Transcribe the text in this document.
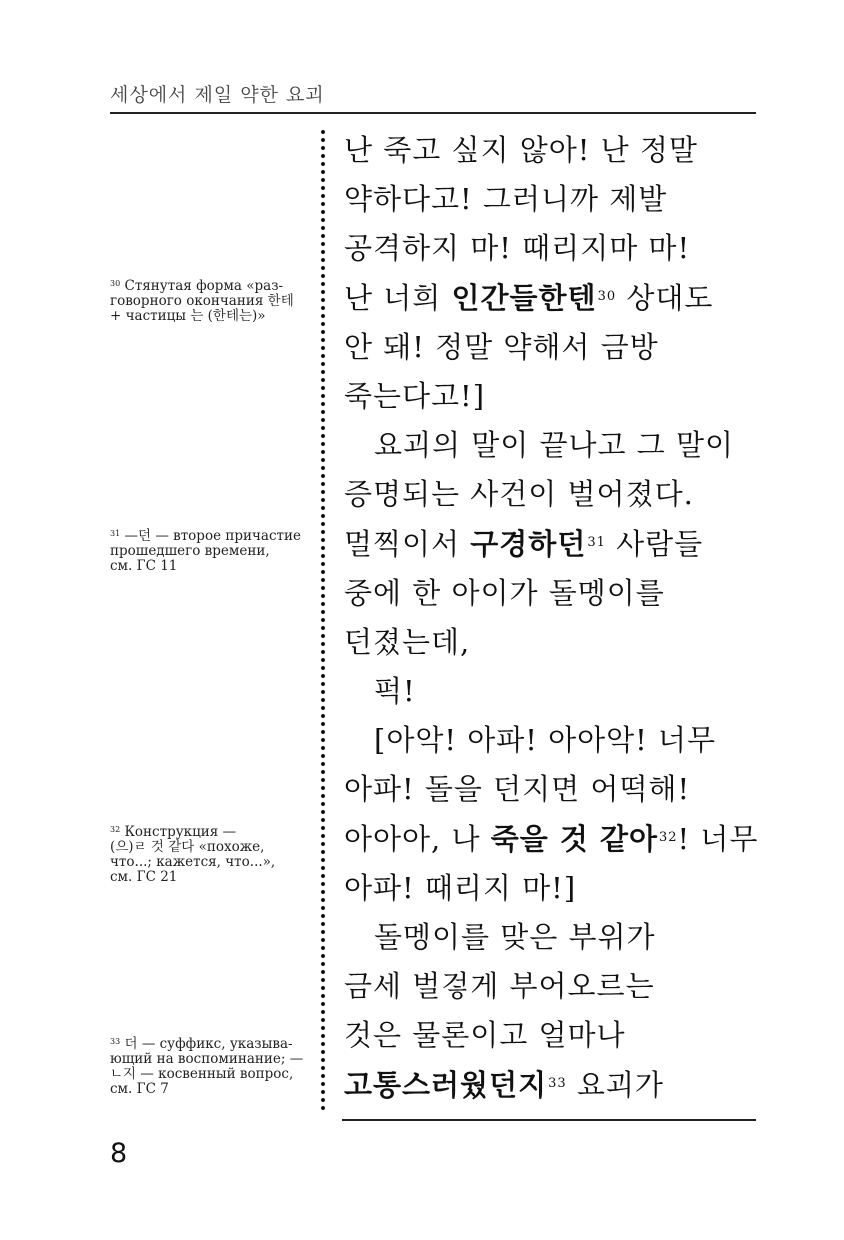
세상에서 제일 약한 요괴
난 죽고 싶지 않아! 난 정말
약하다고! 그러니까 제발
공격하지 마! 때리지마 마!
난 너희 인간들한텐$^{30}$ 상대도
안 돼! 정말 약해서 금방
죽는다고!]
요괴의 말이 끝나고 그 말이
증명되는 사건이 벌어졌다.
멀찍이서 구경하던$^{31}$ 사람들
중에 한 아이가 돌멩이를
던졌는데,
퍽!
[아악! 아파! 아아악! 너무
아파! 돌을 던지면 어떡해!
아아아, 나 죽을 것 같아$^{32}$! 너무
아파! 때리지 마!]
돌멩이를 맞은 부위가
금세 벌겋게 부어오르는
것은 물론이고 얼마나
고통스러웠던지$^{33}$ 요괴가
$^{30}$ Стянутая форма «раз-
говорного окончания 한테
+ частицы 는 (한테는)»
$^{31}$ —던 — второе причастие
прошедшего времени,
см. ГС 11
$^{32}$ Конструкция —
(으)ㄹ 것 같다 «похоже,
что...; кажется, что...»,
см. ГС 21
$^{33}$ 더 — суффикс, указыва-
ющий на воспоминание; —
ㄴ지 — косвенный вопрос,
см. ГС 7
8
